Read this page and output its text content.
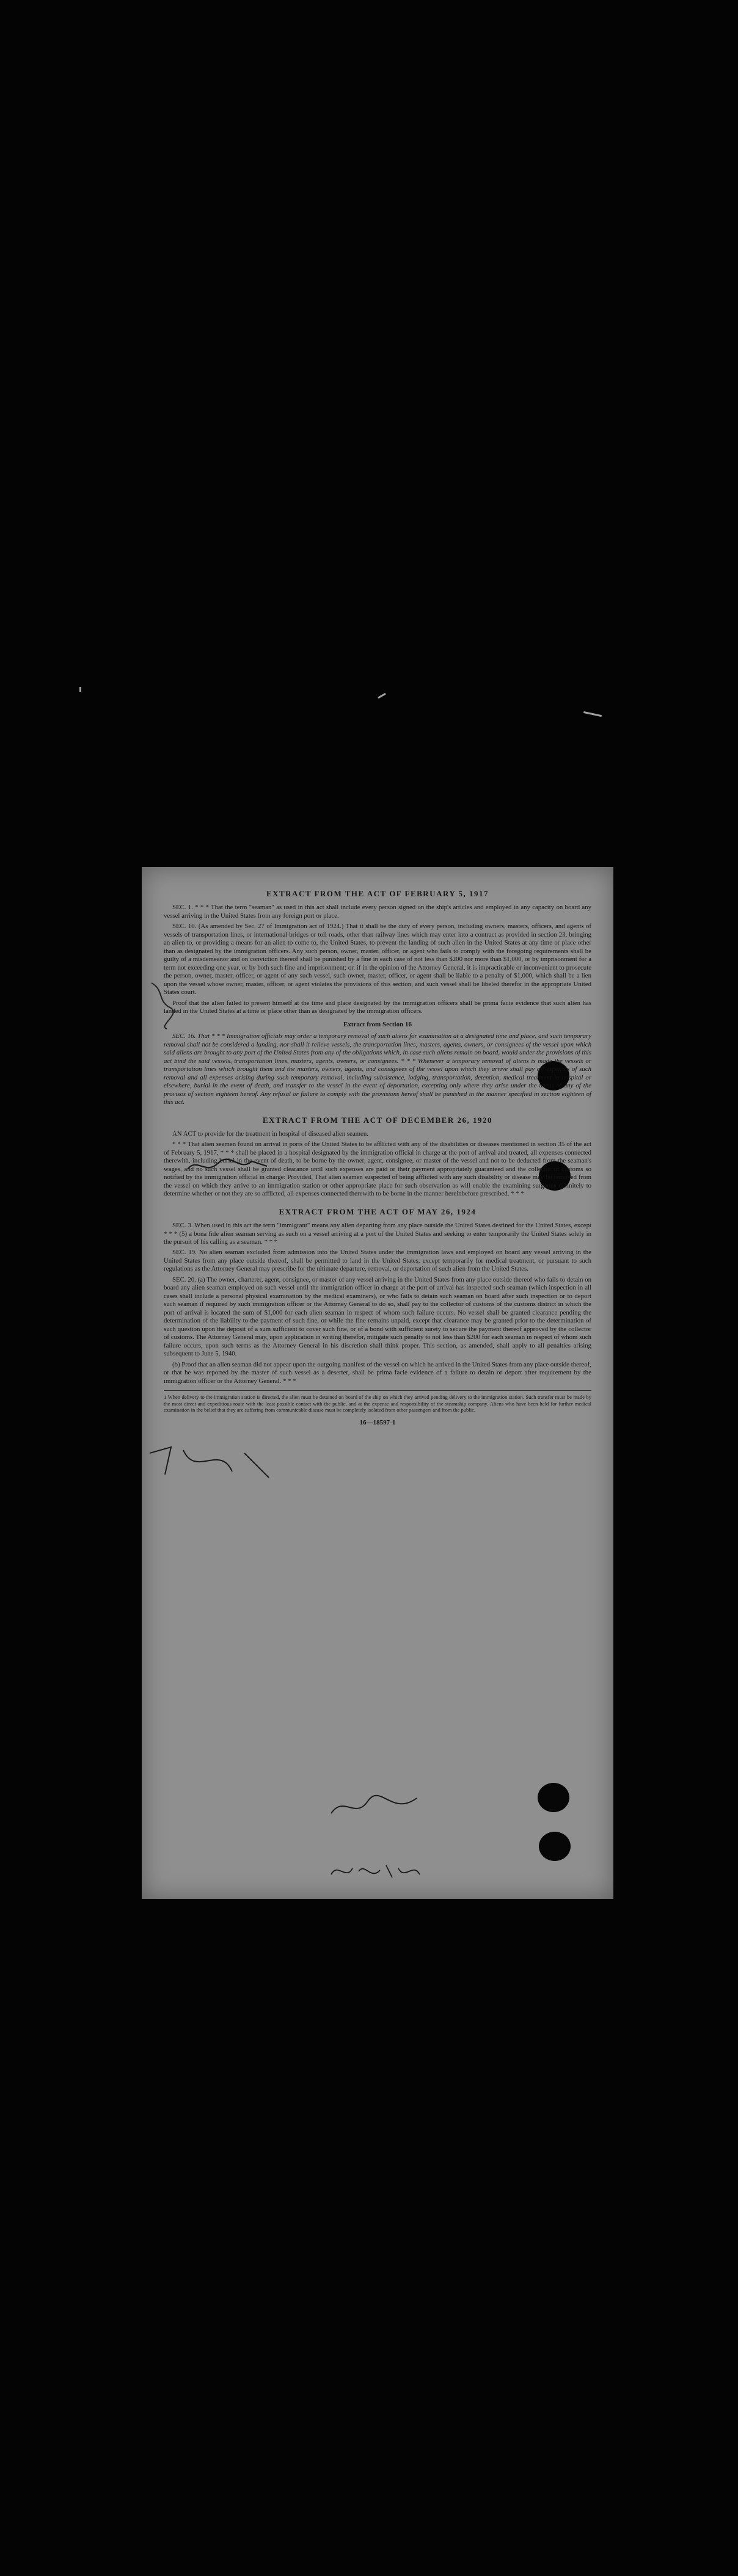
EXTRACT FROM THE ACT OF FEBRUARY 5, 1917

SEC. 1. * * * That the term "seaman" as used in this act shall include every person signed on the ship's articles and employed in any capacity on board any vessel arriving in the United States from any foreign port or place.

SEC. 10. (As amended by Sec. 27 of Immigration act of 1924.) That it shall be the duty of every person, including owners, masters, officers, and agents of vessels of transportation lines, or international bridges or toll roads, other than railway lines which may enter into a contract as provided in section 23, bringing an alien to, or providing a means for an alien to come to, the United States, to prevent the landing of such alien in the United States at any time or place other than as designated by the immigration officers. Any such person, owner, master, officer, or agent who fails to comply with the foregoing requirements shall be guilty of a misdemeanor and on conviction thereof shall be punished by a fine in each case of not less than $200 nor more than $1,000, or by imprisonment for a term not exceeding one year, or by both such fine and imprisonment; or, if in the opinion of the Attorney General, it is impracticable or inconvenient to prosecute the person, owner, master, officer, or agent of any such vessel, such owner, master, officer, or agent shall be liable to a penalty of $1,000, which shall be a lien upon the vessel whose owner, master, officer, or agent violates the provisions of this section, and such vessel shall be libeled therefor in the appropriate United States court.

Proof that the alien failed to present himself at the time and place designated by the immigration officers shall be prima facie evidence that such alien has landed in the United States at a time or place other than as designated by the immigration officers.

Extract from Section 16

SEC. 16. That * * * Immigration officials may order a temporary removal of such aliens for examination at a designated time and place, and such temporary removal shall not be considered a landing, nor shall it relieve vessels, the transportation lines, masters, agents, owners, or consignees of the vessel upon which said aliens are brought to any port of the United States from any of the obligations which, in case such aliens remain on board, would under the provisions of this act bind the said vessels, transportation lines, masters, agents, owners, or consignees. * * * Whenever a temporary removal of aliens is made the vessels or transportation lines which brought them and the masters, owners, agents, and consignees of the vessel upon which they arrive shall pay all expenses of such removal and all expenses arising during such temporary removal, including subsistence, lodging, transportation, detention, medical treatment in hospital or elsewhere, burial in the event of death, and transfer to the vessel in the event of deportation, excepting only where they arise under the terms of any of the provisos of section eighteen hereof. Any refusal or failure to comply with the provisions hereof shall be punished in the manner specified in section eighteen of this act.

EXTRACT FROM THE ACT OF DECEMBER 26, 1920

AN ACT to provide for the treatment in hospital of diseased alien seamen.

* * * That alien seamen found on arrival in ports of the United States to be afflicted with any of the disabilities or diseases mentioned in section 35 of the act of February 5, 1917, * * * shall be placed in a hospital designated by the immigration official in charge at the port of arrival and treated, all expenses connected therewith, including burial in the event of death, to be borne by the owner, agent, consignee, or master of the vessel and not to be deducted from the seaman's wages, and no such vessel shall be granted clearance until such expenses are paid or their payment appropriately guaranteed and the collector of customs so notified by the immigration official in charge: Provided, That alien seamen suspected of being afflicted with any such disability or disease may be removed from the vessel on which they arrive to an immigration station or other appropriate place for such observation as will enable the examining surgeons definitely to determine whether or not they are so afflicted, all expenses connected therewith to be borne in the manner hereinbefore prescribed. * * *

EXTRACT FROM THE ACT OF MAY 26, 1924

SEC. 3. When used in this act the term "immigrant" means any alien departing from any place outside the United States destined for the United States, except * * * (5) a bona fide alien seaman serving as such on a vessel arriving at a port of the United States and seeking to enter temporarily the United States solely in the pursuit of his calling as a seaman. * * *

SEC. 19. No alien seaman excluded from admission into the United States under the immigration laws and employed on board any vessel arriving in the United States from any place outside thereof, shall be permitted to land in the United States, except temporarily for medical treatment, or pursuant to such regulations as the Attorney General may prescribe for the ultimate departure, removal, or deportation of such alien from the United States.

SEC. 20. (a) The owner, charterer, agent, consignee, or master of any vessel arriving in the United States from any place outside thereof who fails to detain on board any alien seaman employed on such vessel until the immigration officer in charge at the port of arrival has inspected such seaman (which inspection in all cases shall include a personal physical examination by the medical examiners), or who fails to detain such seaman on board after such inspection or to deport such seaman if required by such immigration officer or the Attorney General to do so, shall pay to the collector of customs of the customs district in which the port of arrival is located the sum of $1,000 for each alien seaman in respect of whom such failure occurs. No vessel shall be granted clearance pending the determination of the liability to the payment of such fine, or while the fine remains unpaid, except that clearance may be granted prior to the determination of such question upon the deposit of a sum sufficient to cover such fine, or of a bond with sufficient surety to secure the payment thereof approved by the collector of customs. The Attorney General may, upon application in writing therefor, mitigate such penalty to not less than $200 for each seaman in respect of whom such failure occurs, upon such terms as the Attorney General in his discretion shall think proper. This section, as amended, shall apply to all penalties arising subsequent to June 5, 1940.

(b) Proof that an alien seaman did not appear upon the outgoing manifest of the vessel on which he arrived in the United States from any place outside thereof, or that he was reported by the master of such vessel as a deserter, shall be prima facie evidence of a failure to detain or deport after requirement by the immigration officer or the Attorney General. * * *

1 When delivery to the immigration station is directed, the alien must be detained on board of the ship on which they arrived pending delivery to the immigration station. Such transfer must be made by the most direct and expeditious route with the least possible contact with the public, and at the expense and responsibility of the steamship company. Aliens who have been held for further medical examination in the belief that they are suffering from communicable disease must be completely isolated from other passengers and from the public.
16—18597-1
